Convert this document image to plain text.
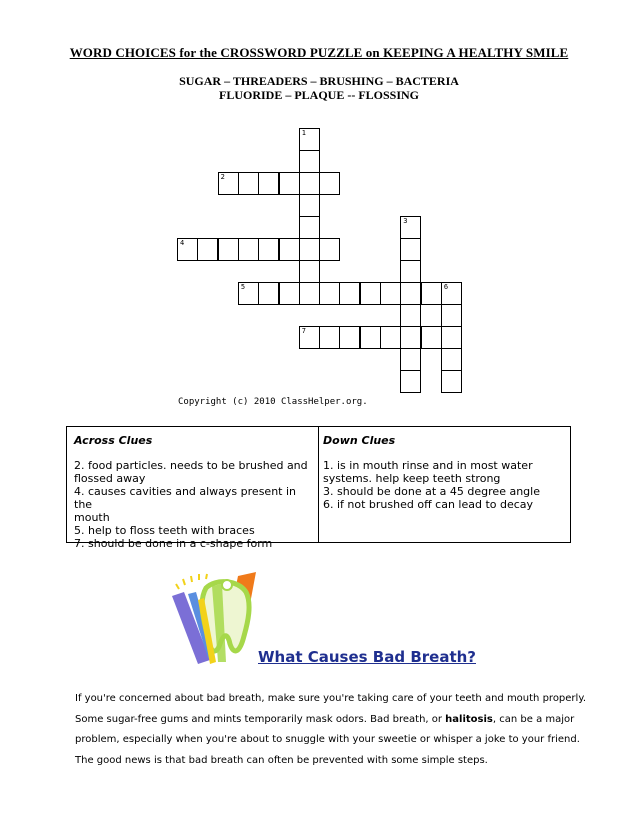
WORD CHOICES for the CROSSWORD PUZZLE on KEEPING A HEALTHY SMILE
SUGAR – THREADERS – BRUSHING – BACTERIA
FLUORIDE – PLAQUE -- FLOSSING
1
2
3
4
5	6
7
Copyright (c) 2010 ClassHelper.org.
Across Clues
2. food particles. needs to be brushed and
flossed away
4. causes cavities and always present in the
mouth
5. help to floss teeth with braces
7. should be done in a c-shape form
Down Clues
1. is in mouth rinse and in most water
systems. help keep teeth strong
3. should be done at a 45 degree angle
6. if not brushed off can lead to decay
What Causes Bad Breath?
If you're concerned about bad breath, make sure you're taking care of your teeth and mouth properly.
Some sugar-free gums and mints temporarily mask odors. Bad breath, or halitosis, can be a major
problem, especially when you're about to snuggle with your sweetie or whisper a joke to your friend.
The good news is that bad breath can often be prevented with some simple steps.
